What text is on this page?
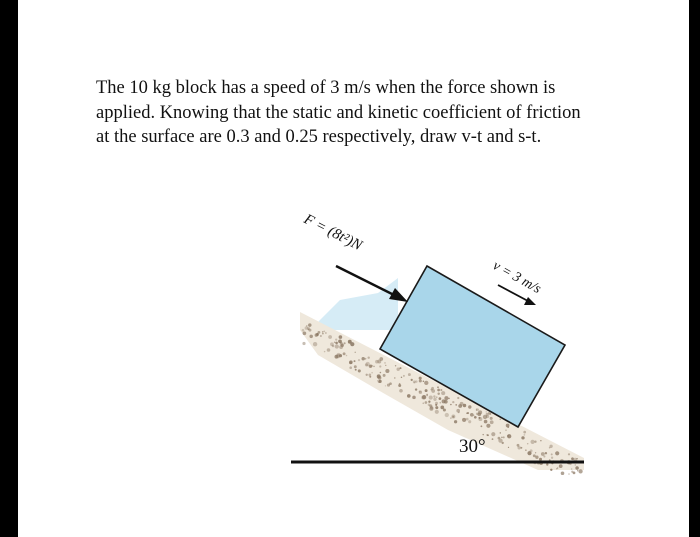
The 10 kg block has a speed of 3 m/s when the force shown is
applied. Knowing that the static and kinetic coefficient of friction
at the surface are 0.3 and 0.25 respectively, draw v-t and s-t.

F = (8t²)N
v = 3 m/s
30°
